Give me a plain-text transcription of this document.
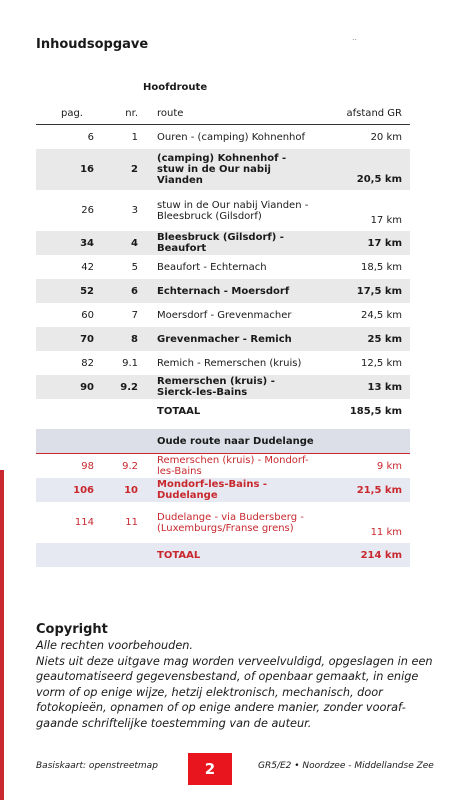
Inhoudsopgave	..
Hoofdroute
pag.	nr.	route	afstand GR
6	1	Ouren - (camping) Kohnenhof	20 km
16	2	(camping) Kohnenhof -
stuw in de Our nabij Vianden	20,5 km
26	3	stuw in de Our nabij Vianden -
Bleesbruck (Gilsdorf)	17 km
34	4	Bleesbruck (Gilsdorf) - Beaufort	17 km
42	5	Beaufort - Echternach	18,5 km
52	6	Echternach - Moersdorf	17,5 km
60	7	Moersdorf - Grevenmacher	24,5 km
70	8	Grevenmacher - Remich	25 km
82	9.1	Remich - Remerschen (kruis)	12,5 km
90	9.2	Remerschen (kruis) - Sierck-les-Bains	13 km
		TOTAAL	185,5 km

		Oude route naar Dudelange	
98	9.2	Remerschen (kruis) - Mondorf-les-Bains	9 km
106	10	Mondorf-les-Bains - Dudelange	21,5 km
114	11	Dudelange - via Budersberg -
(Luxemburgs/Franse grens)	11 km
		TOTAAL	214 km
Copyright

Alle rechten voorbehouden.

Niets uit deze uitgave mag worden verveelvuldigd, opgeslagen in een geautomatiseerd gegevensbestand, of openbaar gemaakt, in enige vorm of op enige wijze, hetzij elektronisch, mechanisch, door fotokopieën, opnamen of op enige andere manier, zonder vooraf-gaande schriftelijke toestemming van de auteur.

Basiskaart: openstreetmap	2	GR5/E2 • Noordzee - Middellandse Zee
